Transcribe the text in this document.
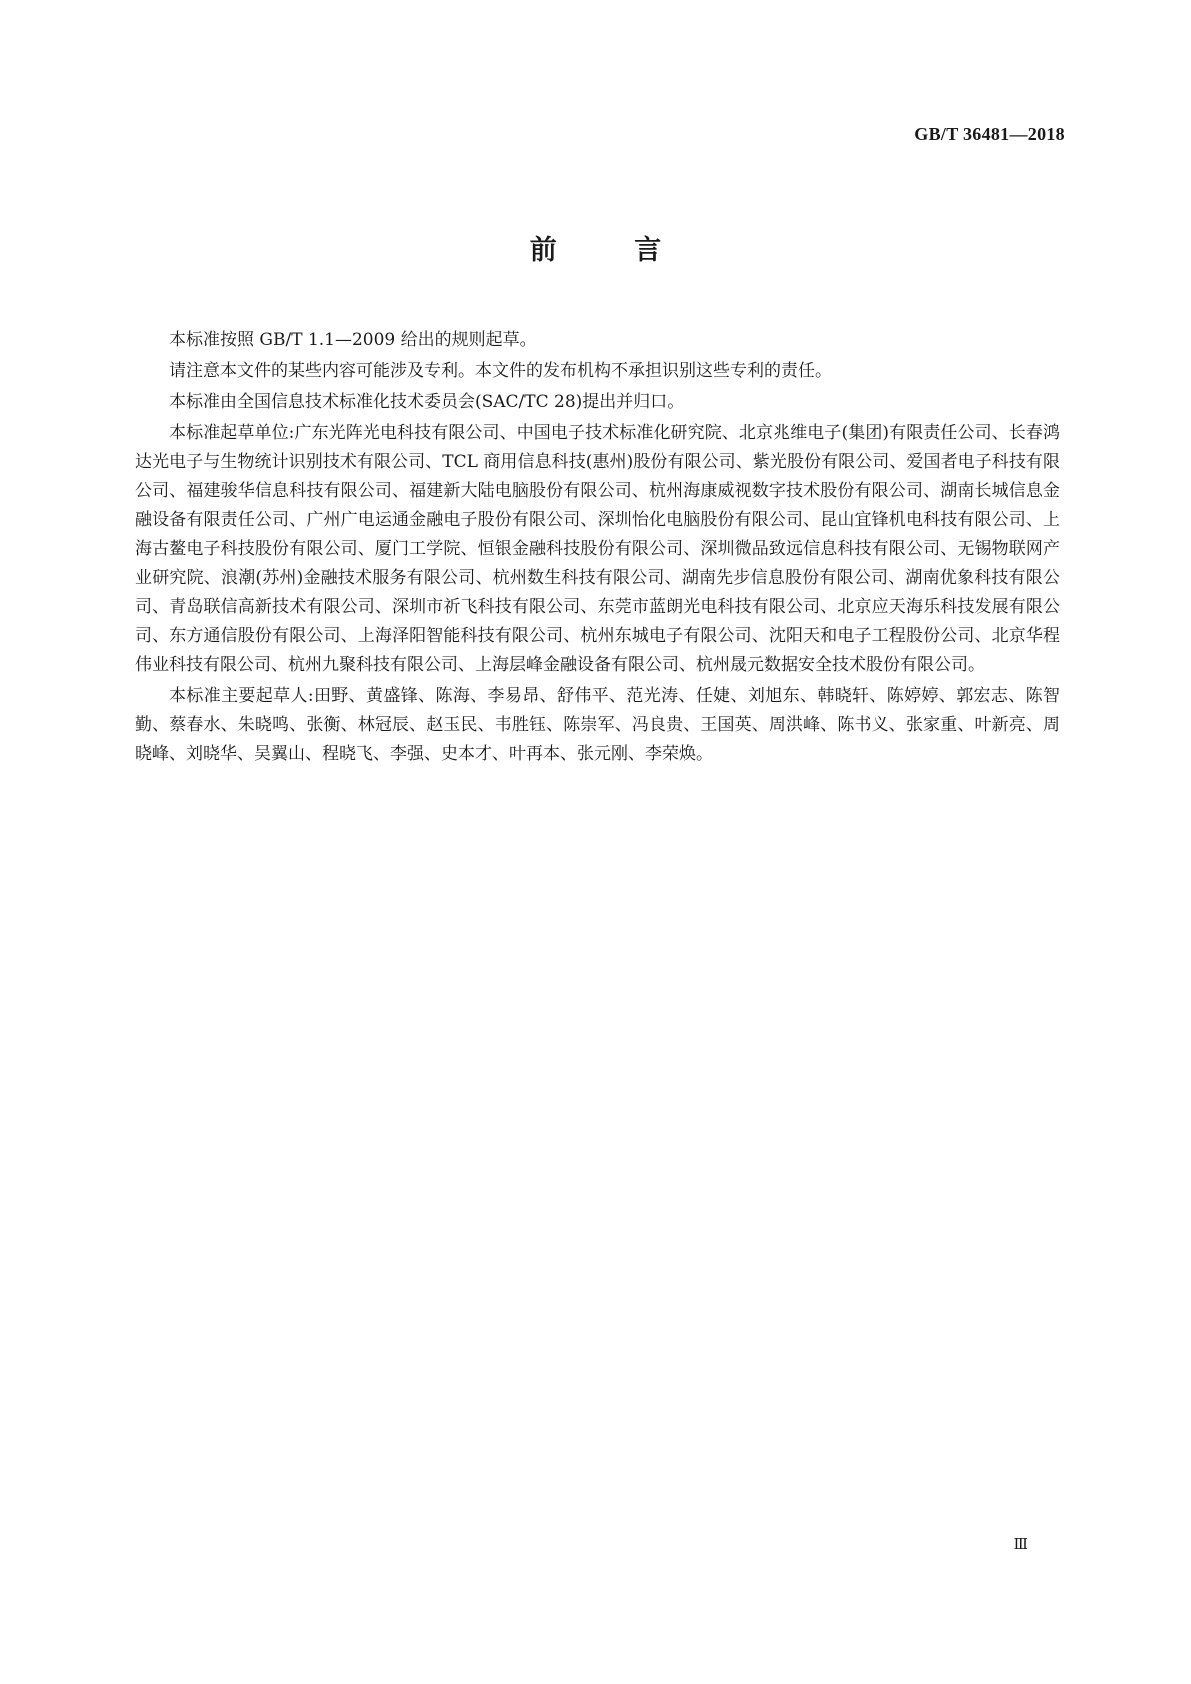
GB/T 36481—2018
前 言

本标准按照 GB/T 1.1—2009 给出的规则起草。

请注意本文件的某些内容可能涉及专利。本文件的发布机构不承担识别这些专利的责任。

本标准由全国信息技术标准化技术委员会(SAC/TC 28)提出并归口。

本标准起草单位:广东光阵光电科技有限公司、中国电子技术标准化研究院、北京兆维电子(集团)有限责任公司、长春鸿达光电子与生物统计识别技术有限公司、TCL 商用信息科技(惠州)股份有限公司、紫光股份有限公司、爱国者电子科技有限公司、福建骏华信息科技有限公司、福建新大陆电脑股份有限公司、杭州海康威视数字技术股份有限公司、湖南长城信息金融设备有限责任公司、广州广电运通金融电子股份有限公司、深圳怡化电脑股份有限公司、昆山宜锋机电科技有限公司、上海古鳌电子科技股份有限公司、厦门工学院、恒银金融科技股份有限公司、深圳微品致远信息科技有限公司、无锡物联网产业研究院、浪潮(苏州)金融技术服务有限公司、杭州数生科技有限公司、湖南先步信息股份有限公司、湖南优象科技有限公司、青岛联信高新技术有限公司、深圳市祈飞科技有限公司、东莞市蓝朗光电科技有限公司、北京应天海乐科技发展有限公司、东方通信股份有限公司、上海泽阳智能科技有限公司、杭州东城电子有限公司、沈阳天和电子工程股份公司、北京华程伟业科技有限公司、杭州九聚科技有限公司、上海层峰金融设备有限公司、杭州晟元数据安全技术股份有限公司。

本标准主要起草人:田野、黄盛锋、陈海、李易昂、舒伟平、范光涛、任婕、刘旭东、韩晓轩、陈婷婷、郭宏志、陈智勤、蔡春水、朱晓鸣、张衡、林冠辰、赵玉民、韦胜钰、陈崇军、冯良贵、王国英、周洪峰、陈书义、张家重、叶新亮、周晓峰、刘晓华、吴翼山、程晓飞、李强、史本才、叶再本、张元刚、李荣焕。

Ⅲ
